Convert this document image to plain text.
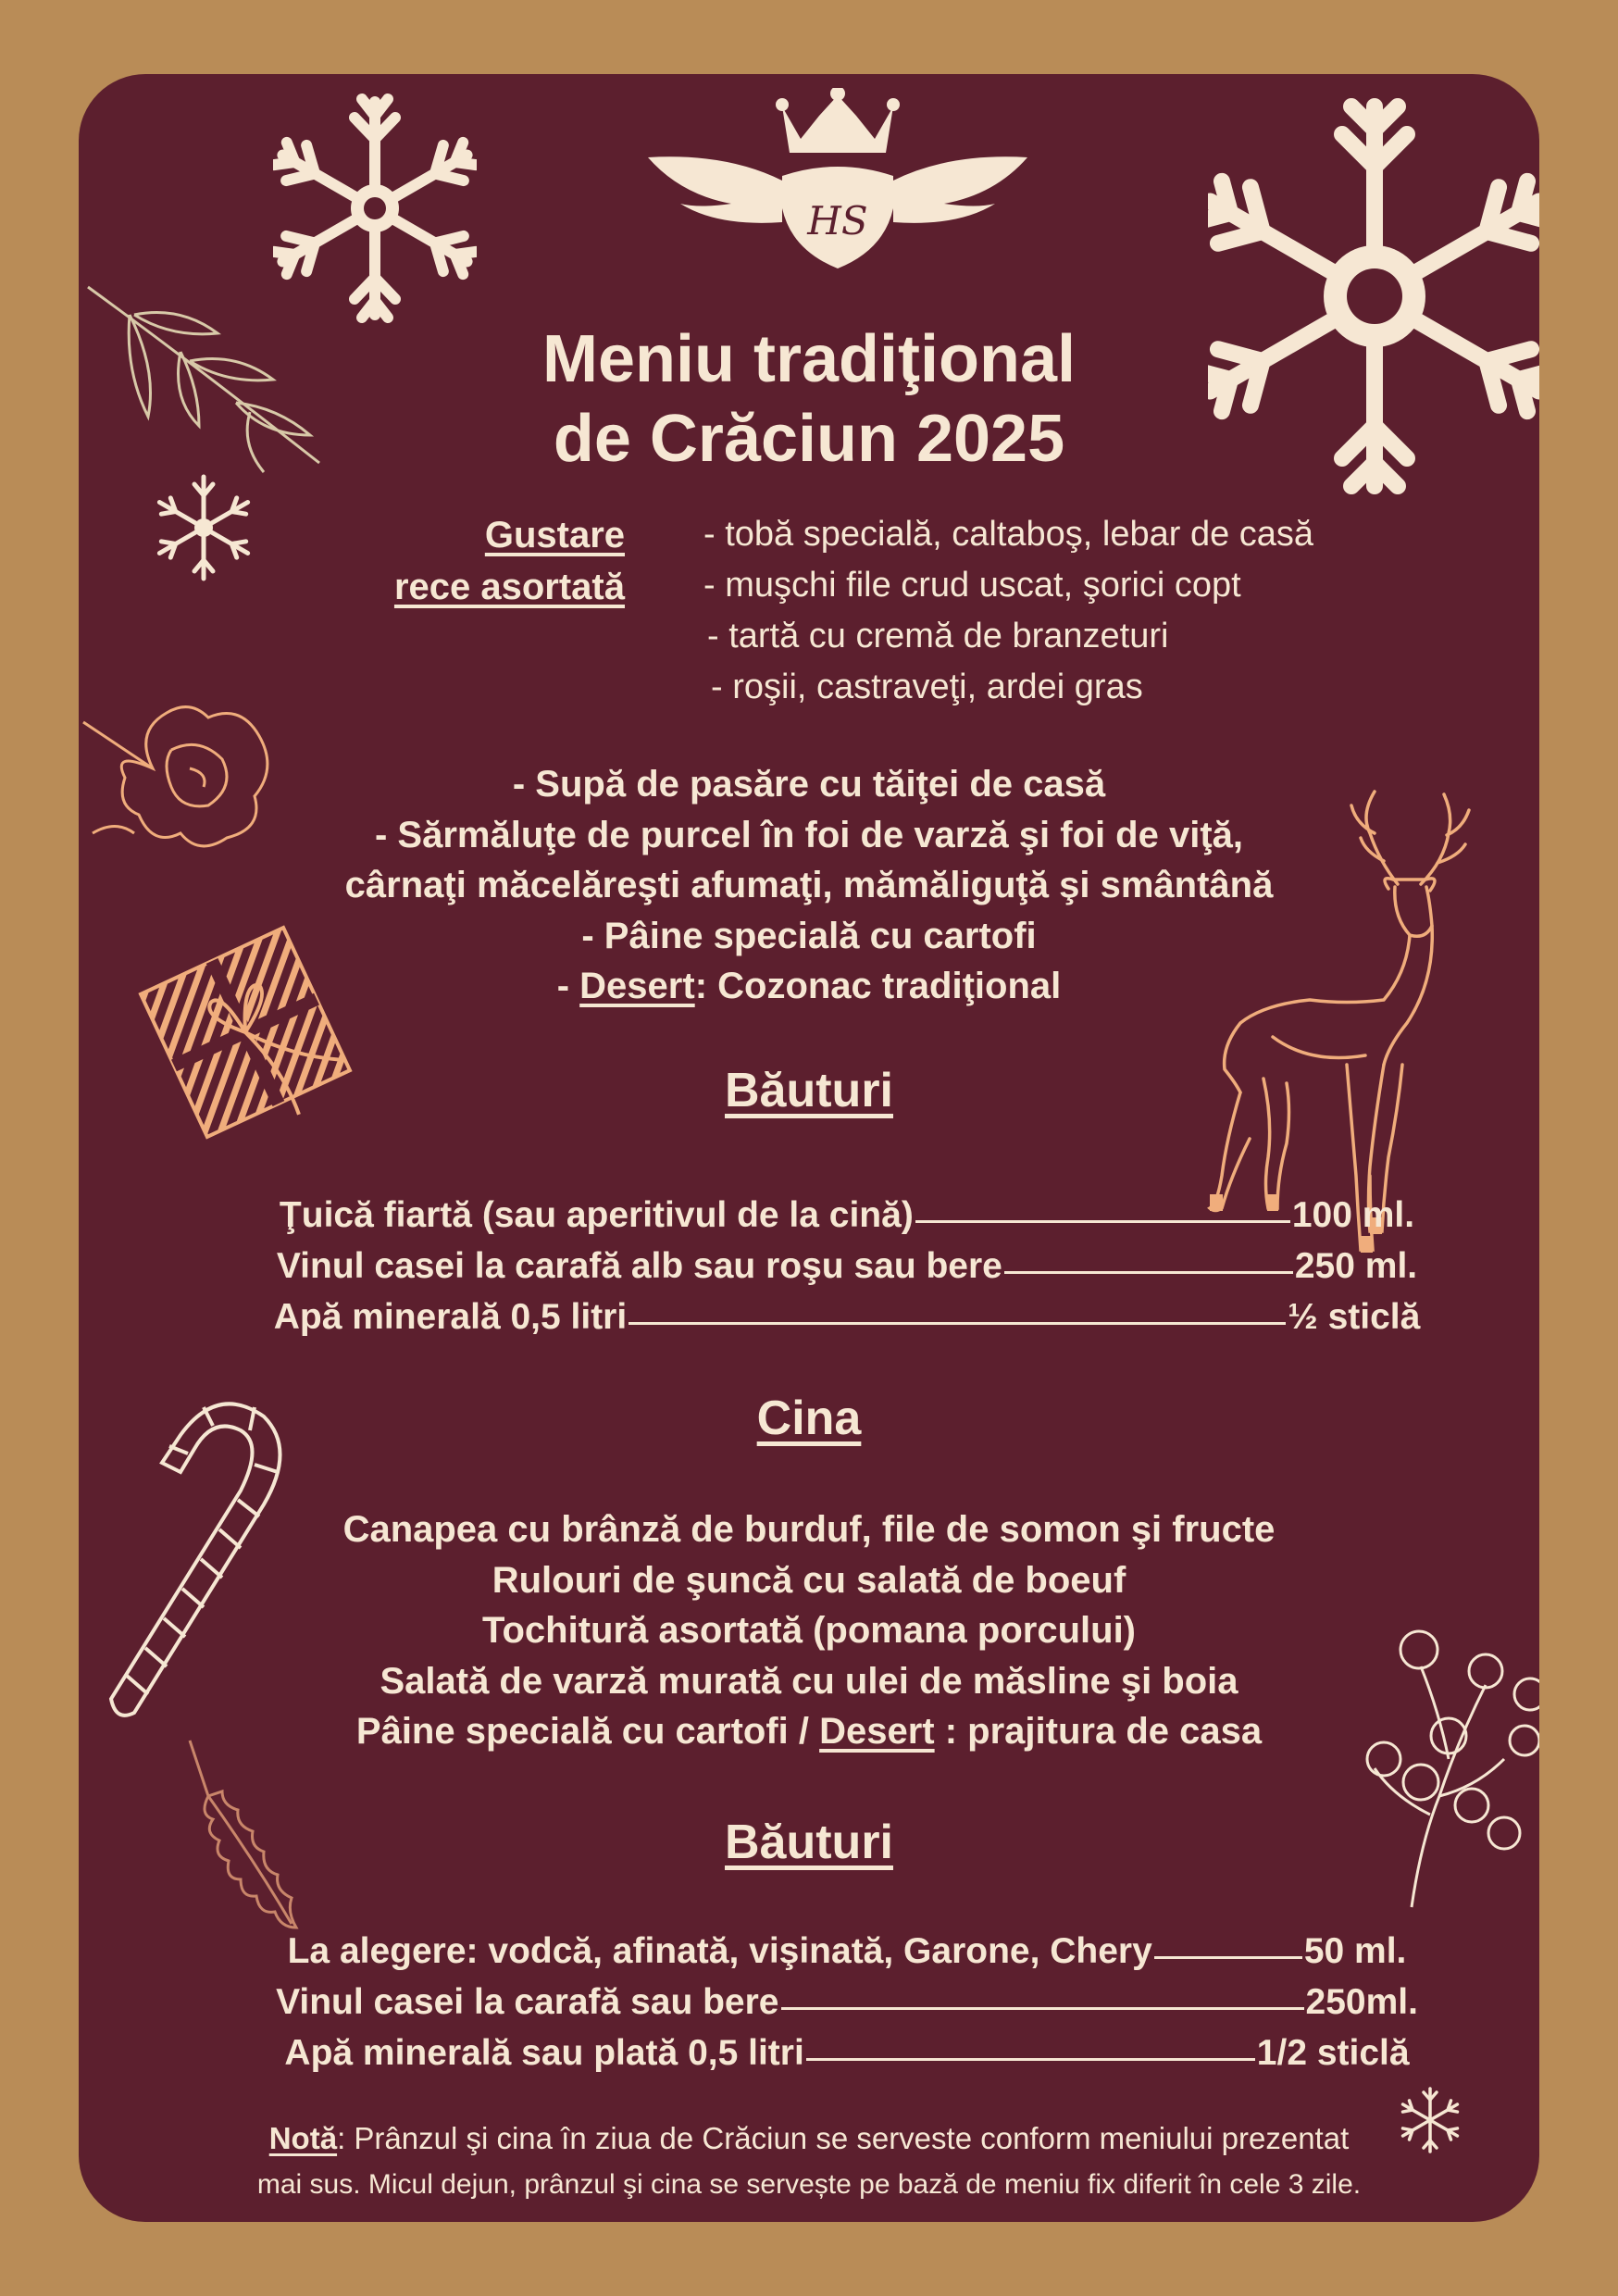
HS
Meniu tradiţional
de Crăciun 2025
Gustare
rece asortată
- tobă specială, caltaboş, lebar de casă
- muşchi file crud uscat, şorici copt
- tartă cu cremă de branzeturi
- roşii, castraveţi, ardei gras
- Supă de pasăre cu tăiţei de casă
- Sărmăluţe de purcel în foi de varză şi foi de viţă,
cârnaţi măcelăreşti afumaţi, mămăliguţă şi smântână
- Pâine specială cu cartofi
- Desert: Cozonac tradiţional
Băuturi
Ţuică fiartă (sau aperitivul de la cină)	100 ml.
Vinul casei la carafă alb sau roşu sau bere	250 ml.
Apă minerală 0,5 litri	½ sticlă
Cina
Canapea cu brânză de burduf, file de somon şi fructe
Rulouri de şuncă cu salată de boeuf
Tochitură asortată (pomana porcului)
Salată de varză murată cu ulei de măsline şi boia
Pâine specială cu cartofi / Desert : prajitura de casa
Băuturi
La alegere: vodcă, afinată, vişinată, Garone, Chery	50 ml.
Vinul casei la carafă sau bere	250ml.
Apă minerală sau plată 0,5 litri	1/2 sticlă
Notă: Prânzul şi cina în ziua de Crăciun se serveste conform meniului prezentat
mai sus. Micul dejun, prânzul şi cina se servește pe bază de meniu fix diferit în cele 3 zile.
